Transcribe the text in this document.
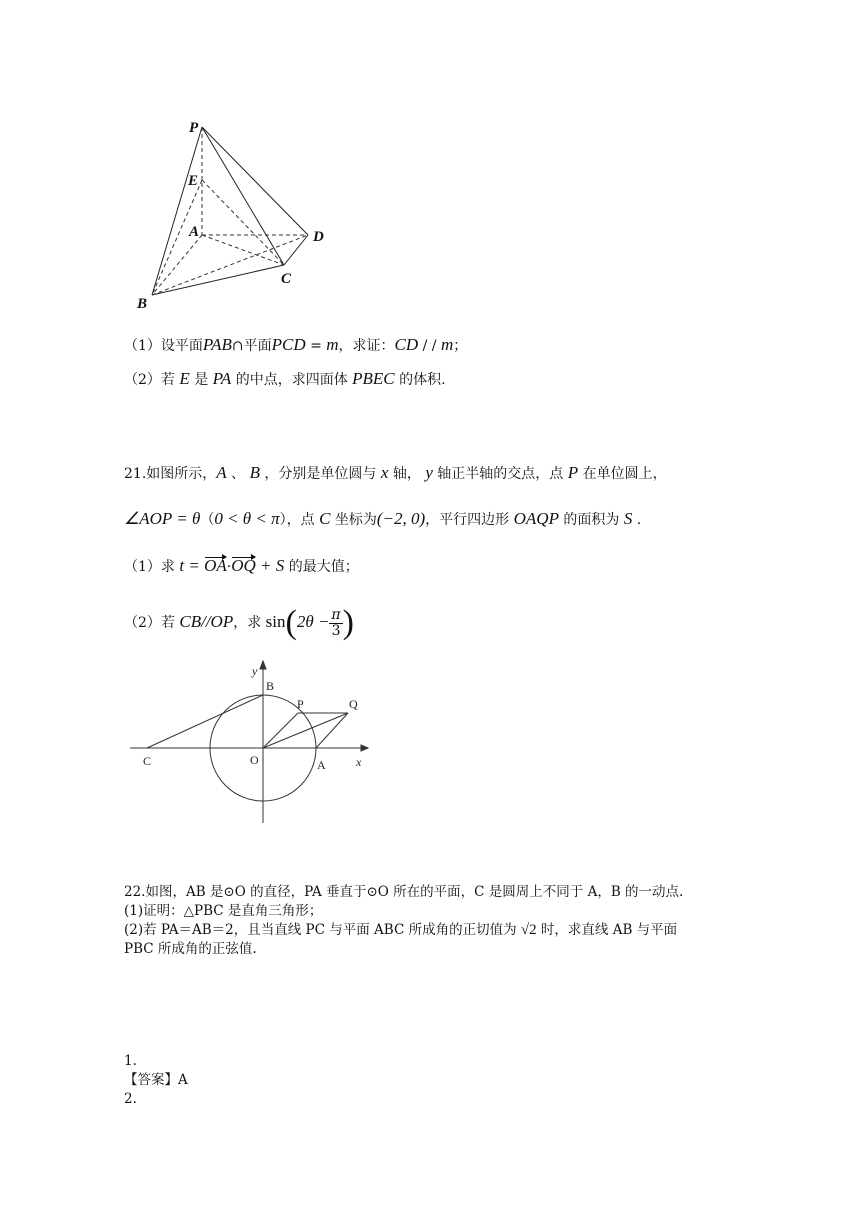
P
E
A	D
C
B
（1）设平面PAB∩平面PCD = m，求证：CD / / m；
（2）若 E 是 PA 的中点，求四面体 PBEC 的体积.
21.如图所示，A 、 B ，分别是单位圆与 x 轴， y 轴正半轴的交点，点 P 在单位圆上，
∠AOP = θ（0 < θ < π），点 C 坐标为(−2, 0)，平行四边形 OAQP 的面积为 S .
（1）求 t = OA·OQ + S 的最大值；
（2）若 CB//OP，求 $\sin(2\theta - \frac{\pi}{3}$ )
y
B
P	Q
C	O	A	x
22.如图，AB 是⊙O 的直径，PA 垂直于⊙O 所在的平面，C 是圆周上不同于 A，B 的一动点.
(1)证明：△PBC 是直角三角形；
(2)若 PA＝AB＝2，且当直线 PC 与平面 ABC 所成角的正切值为 √2 时，求直线 AB 与平面
PBC 所成角的正弦值.
1.
【答案】A
2.
